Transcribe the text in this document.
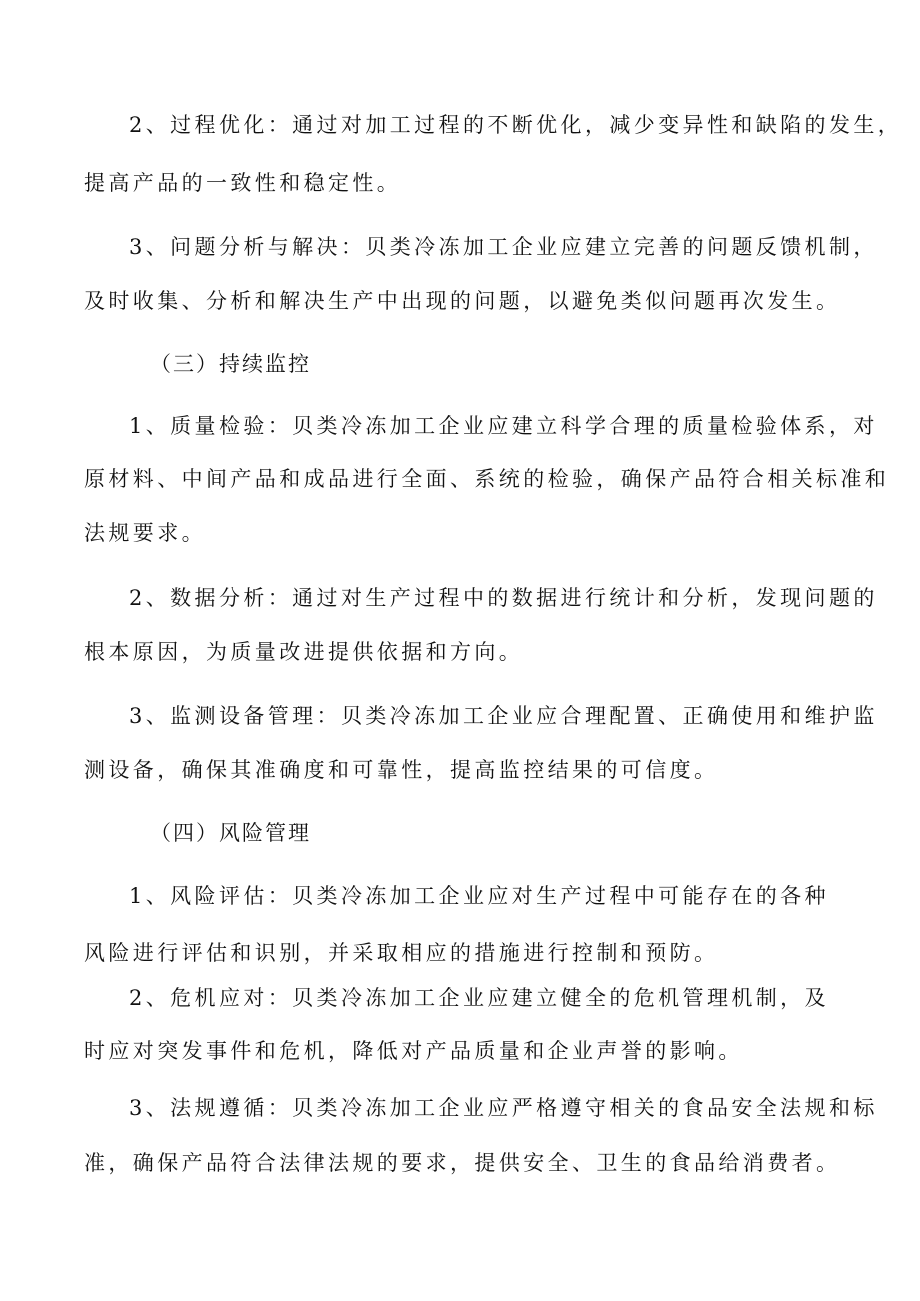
2、过程优化：通过对加工过程的不断优化，减少变异性和缺陷的发生，
提高产品的一致性和稳定性。
3、问题分析与解决：贝类冷冻加工企业应建立完善的问题反馈机制，
及时收集、分析和解决生产中出现的问题，以避免类似问题再次发生。
（三）持续监控
1、质量检验：贝类冷冻加工企业应建立科学合理的质量检验体系，对
原材料、中间产品和成品进行全面、系统的检验，确保产品符合相关标准和
法规要求。
2、数据分析：通过对生产过程中的数据进行统计和分析，发现问题的
根本原因，为质量改进提供依据和方向。
3、监测设备管理：贝类冷冻加工企业应合理配置、正确使用和维护监
测设备，确保其准确度和可靠性，提高监控结果的可信度。
（四）风险管理
1、风险评估：贝类冷冻加工企业应对生产过程中可能存在的各种
风险进行评估和识别，并采取相应的措施进行控制和预防。
2、危机应对：贝类冷冻加工企业应建立健全的危机管理机制，及
时应对突发事件和危机，降低对产品质量和企业声誉的影响。
3、法规遵循：贝类冷冻加工企业应严格遵守相关的食品安全法规和标
准，确保产品符合法律法规的要求，提供安全、卫生的食品给消费者。
